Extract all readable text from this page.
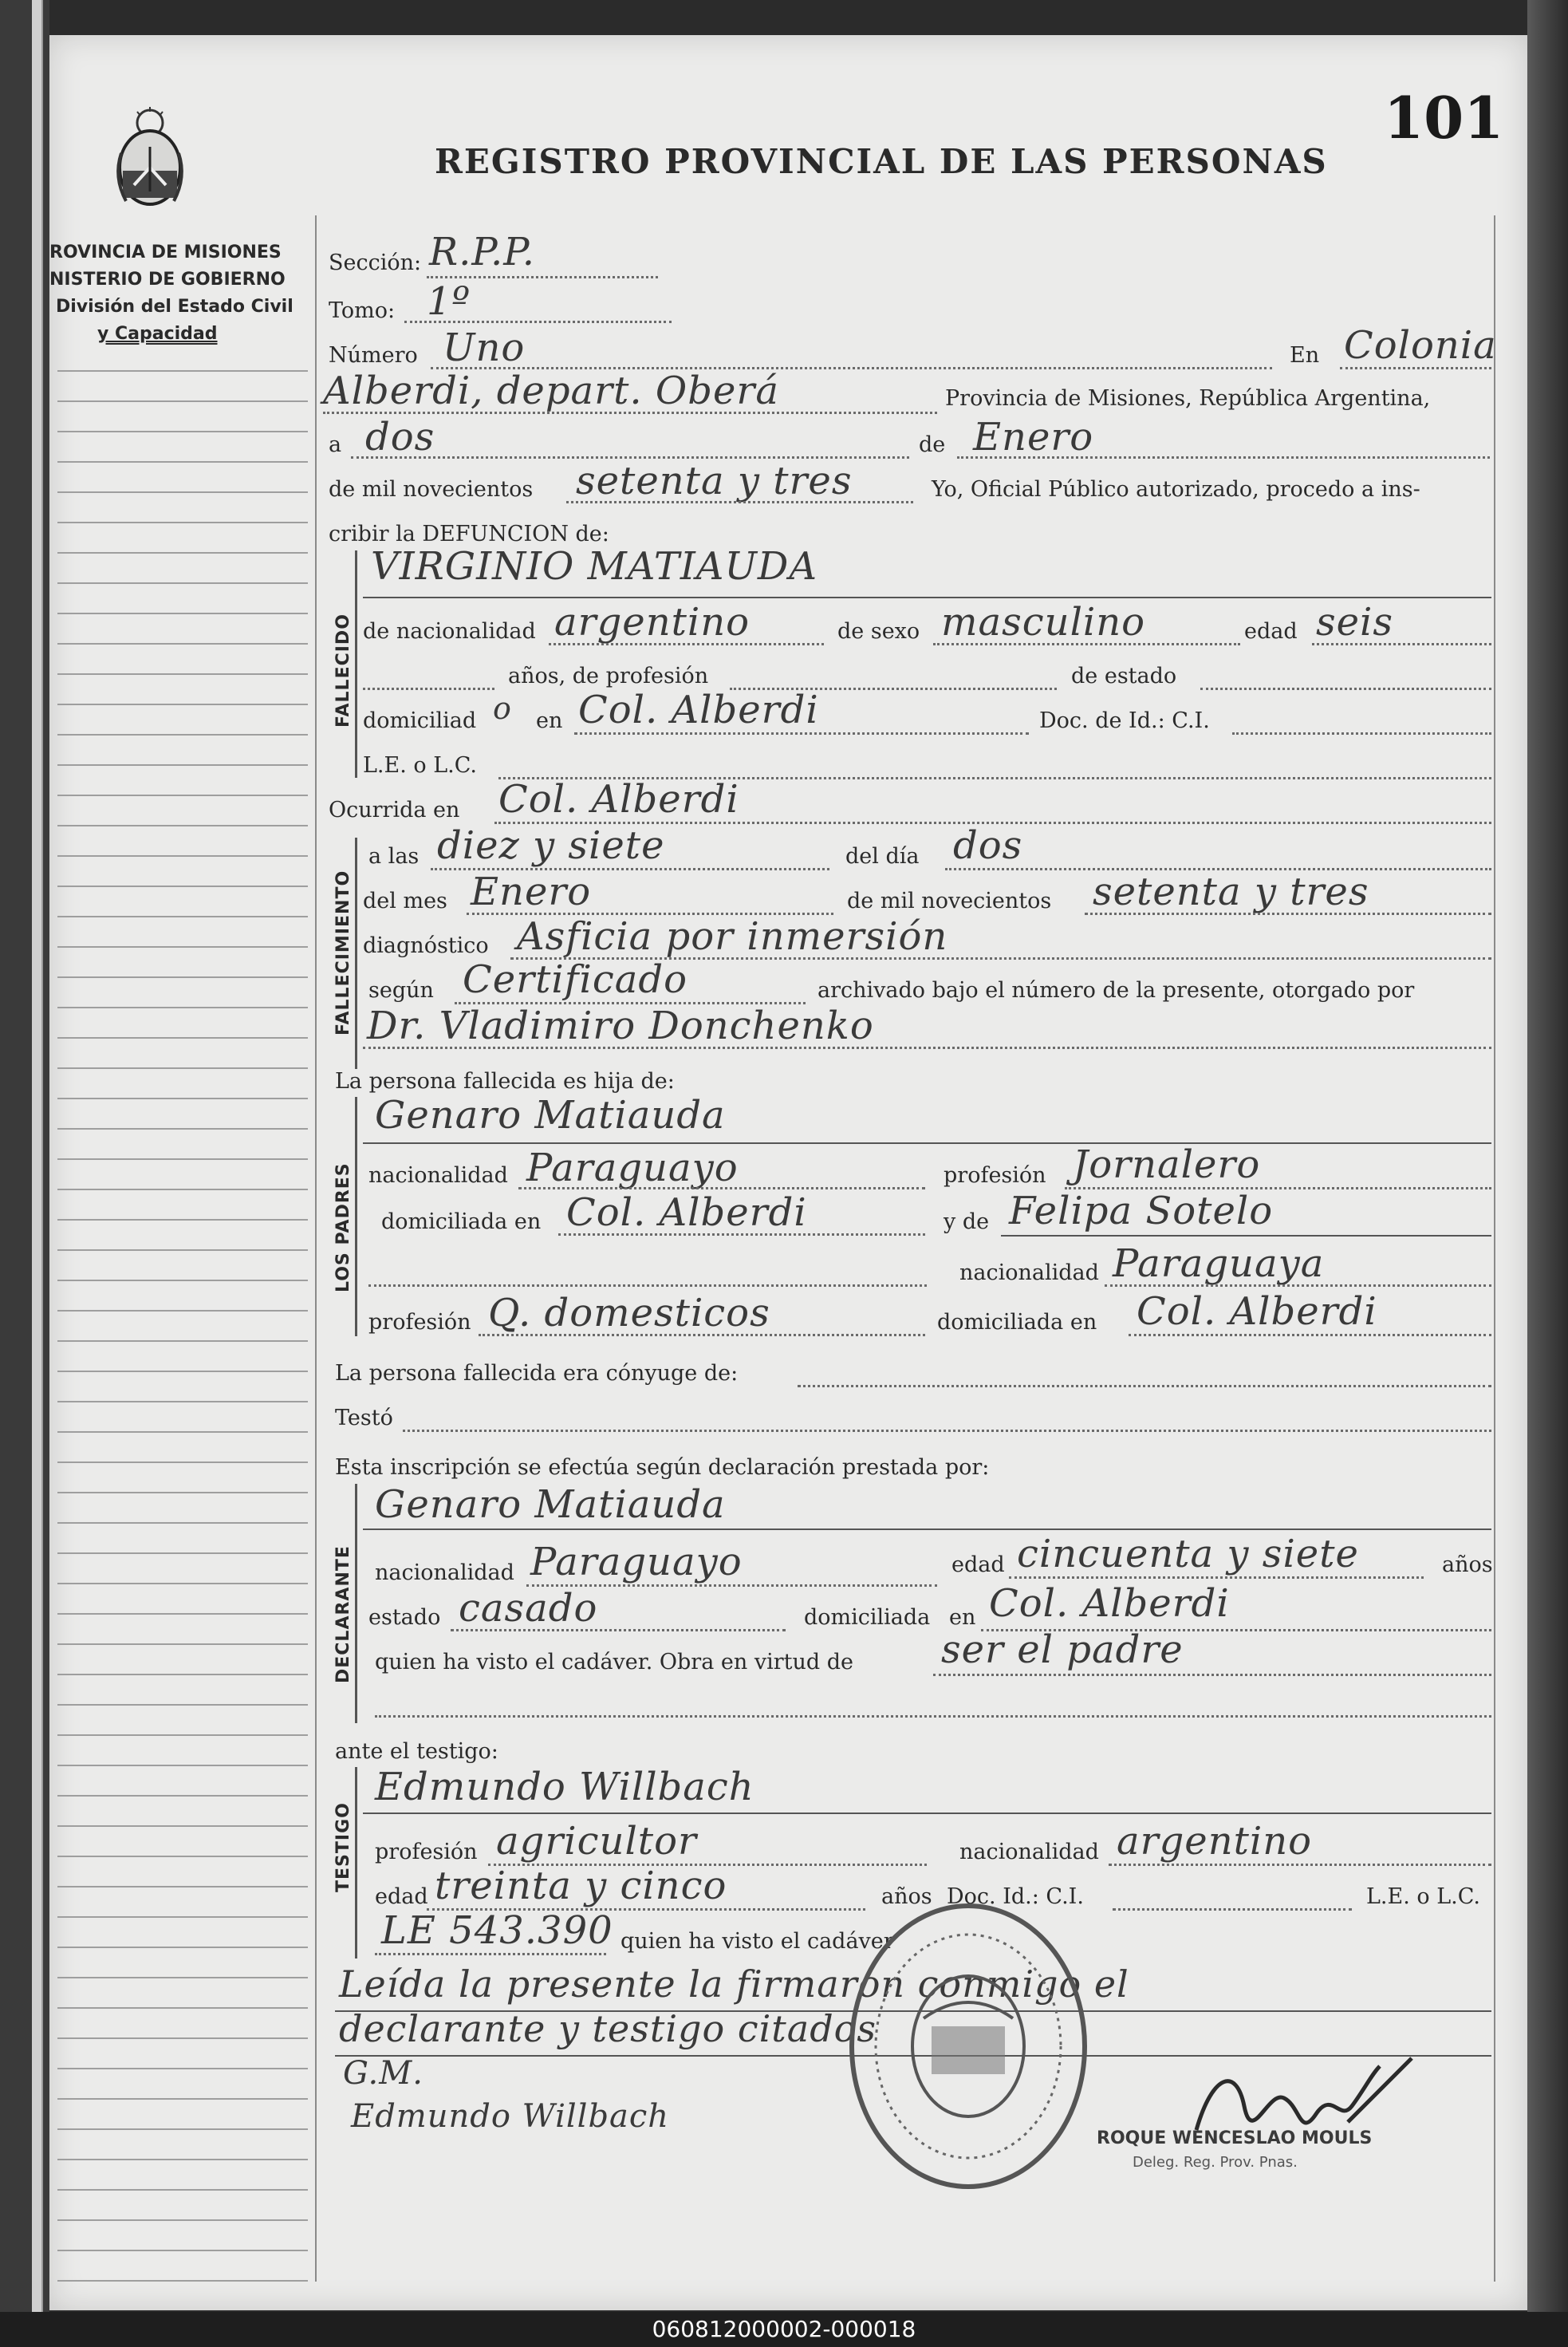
ROVINCIA DE MISIONES
NISTERIO DE GOBIERNO
División del Estado Civil
y Capacidad
REGISTRO PROVINCIAL DE LAS PERSONAS
101
Sección: R.P.P.
Tomo: 1º
Número Uno	En Colonia
Alberdi, depart. Oberá	Provincia de Misiones, República Argentina,
a dos	de Enero
de mil novecientos setenta y tres	Yo, Oficial Público autorizado, procedo a ins-
cribir la DEFUNCION de:
FALLECIDO
VIRGINIO MATIAUDA
de nacionalidad argentino	de sexo masculino	edad seis
años, de profesión	de estado
domiciliad o en Col. Alberdi	Doc. de Id.: C.I.
L.E. o L.C.
Ocurrida en Col. Alberdi
FALLECIMIENTO
a las diez y siete	del día dos
del mes Enero	de mil novecientos setenta y tres
diagnóstico Asficia por inmersión
según Certificado	archivado bajo el número de la presente, otorgado por
Dr. Vladimiro Donchenko
La persona fallecida es hija de:
LOS PADRES
Genaro Matiauda
nacionalidad Paraguayo	profesión Jornalero
domiciliada en Col. Alberdi	y de Felipa Sotelo
nacionalidad Paraguaya
profesión Q. domesticos	domiciliada en Col. Alberdi
La persona fallecida era cónyuge de:
Testó
Esta inscripción se efectúa según declaración prestada por:
DECLARANTE
Genaro Matiauda
nacionalidad Paraguayo	edad cincuenta y siete	años
estado casado	domiciliada en Col. Alberdi
quien ha visto el cadáver. Obra en virtud de ser el padre
ante el testigo:
TESTIGO
Edmundo Willbach
profesión agricultor	nacionalidad argentino
edad treinta y cinco	años Doc. Id.: C.I.	L.E. o L.C.
LE 543.390 quien ha visto el cadáver
Leída la presente la firmaron conmigo el
declarante y testigo citados
G.M.
Edmundo Willbach
ROQUE WENCESLAO MOULS
Deleg. Reg. Prov. Pnas.
060812000002-000018
